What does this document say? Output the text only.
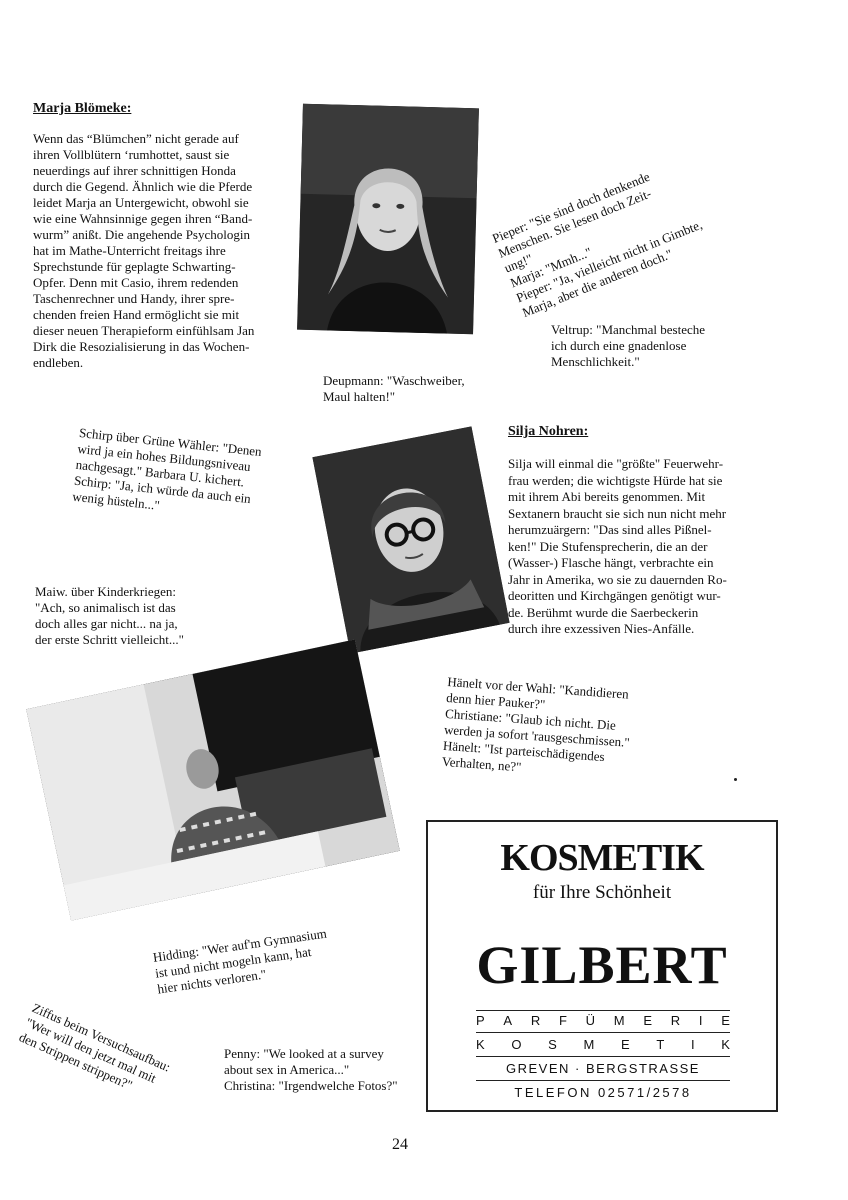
Marja Blömeke:
Wenn das “Blümchen” nicht gerade auf
ihren Vollblütern ‘rumhottet, saust sie
neuerdings auf ihrer schnittigen Honda
durch die Gegend. Ähnlich wie die Pferde
leidet Marja an Untergewicht, obwohl sie
wie eine Wahnsinnige gegen ihren “Band-
wurm” anißt. Die angehende Psychologin
hat im Mathe-Unterricht freitags ihre
Sprechstunde für geplagte Schwarting-
Opfer. Denn mit Casio, ihrem redenden
Taschenrechner und Handy, ihrer spre-
chenden freien Hand ermöglicht sie mit
dieser neuen Therapieform einfühlsam Jan
Dirk die Resozialisierung in das Wochen-
endleben.
Pieper: "Sie sind doch denkende
Menschen. Sie lesen doch Zeit-
ung!"
Marja: "Mmh..."
Pieper: "Ja, vielleicht nicht in Gimbte,
Marja, aber die anderen doch."
Veltrup: "Manchmal besteche
ich durch eine gnadenlose
Menschlichkeit."
Deupmann: "Waschweiber,
Maul halten!"
Schirp über Grüne Wähler: "Denen
wird ja ein hohes Bildungsniveau
nachgesagt." Barbara U. kichert.
Schirp: "Ja, ich würde da auch ein
wenig hüsteln..."
Silja Nohren:
Silja will einmal die "größte" Feuerwehr-
frau werden; die wichtigste Hürde hat sie
mit ihrem Abi bereits genommen. Mit
Sextanern braucht sie sich nun nicht mehr
herumzuärgern: "Das sind alles Pißnel-
ken!" Die Stufensprecherin, die an der
(Wasser-) Flasche hängt, verbrachte ein
Jahr in Amerika, wo sie zu dauernden Ro-
deoritten und Kirchgängen genötigt wur-
de. Berühmt wurde die Saerbeckerin
durch ihre exzessiven Nies-Anfälle.
Maiw. über Kinderkriegen:
"Ach, so animalisch ist das
doch alles gar nicht... na ja,
der erste Schritt vielleicht..."
Hänelt vor der Wahl: "Kandidieren
denn hier Pauker?"
Christiane: "Glaub ich nicht. Die
werden ja sofort 'rausgeschmissen."
Hänelt: "Ist parteischädigendes
Verhalten, ne?"
Hidding: "Wer auf'm Gymnasium
ist und nicht mogeln kann, hat
hier nichts verloren."
Ziffus beim Versuchsaufbau:
"Wer will den jetzt mal mit
den Strippen strippen?"	Penny: "We looked at a survey
about sex in America..."
Christina: "Irgendwelche Fotos?"
KOSMETIK
für Ihre Schönheit
GILBERT
P A R F Ü M E R I E
K O S M E T I K
GREVEN · BERGSTRASSE
TELEFON 02571/2578
24
